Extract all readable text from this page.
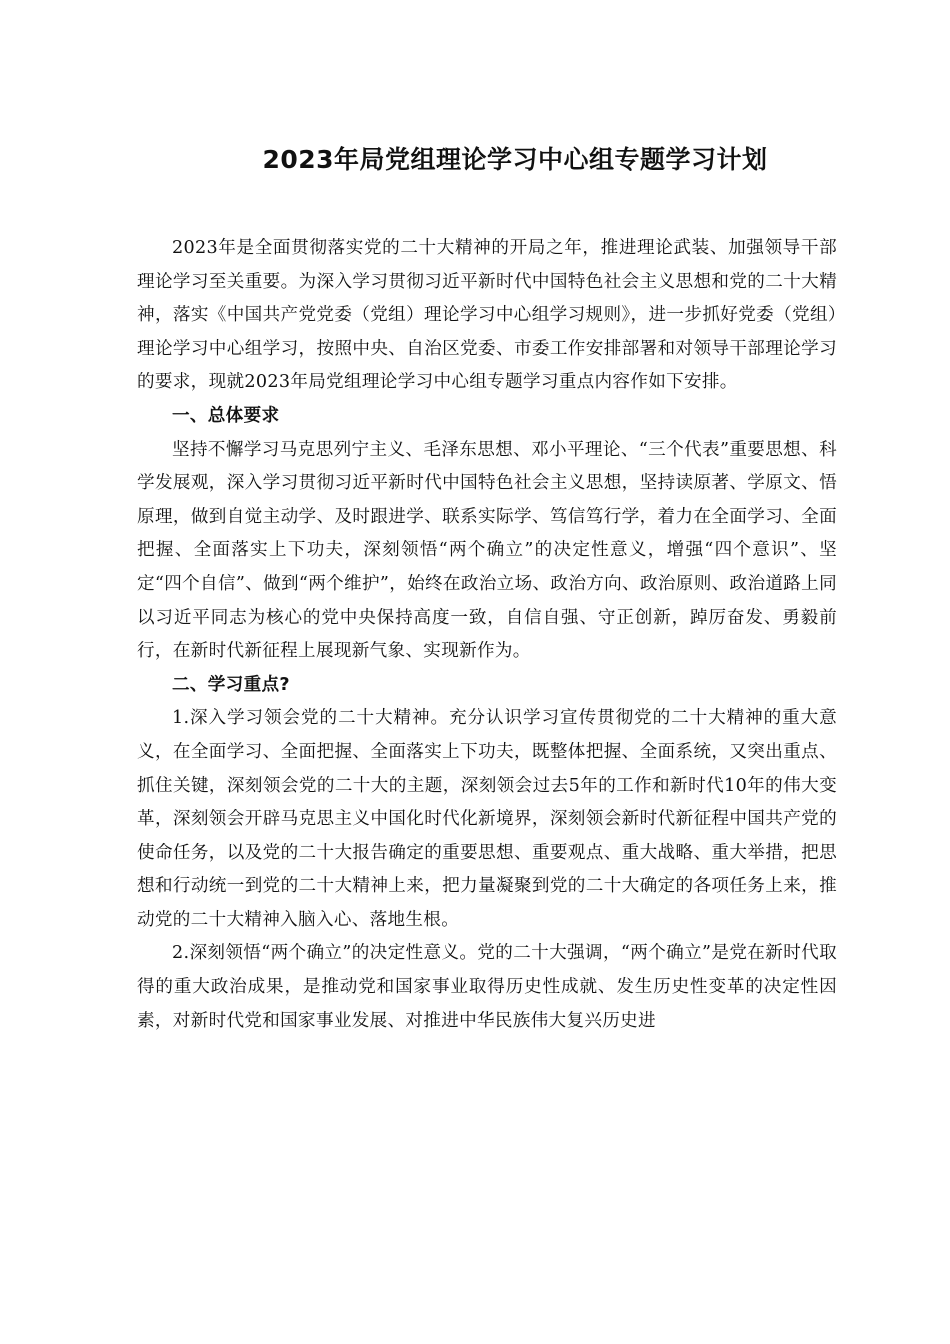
2023年局党组理论学习中心组专题学习计划

2023年是全面贯彻落实党的二十大精神的开局之年，推进理论武装、加强领导干部理论学习至关重要。为深入学习贯彻习近平新时代中国特色社会主义思想和党的二十大精神，落实《中国共产党党委（党组）理论学习中心组学习规则》，进一步抓好党委（党组）理论学习中心组学习，按照中央、自治区党委、市委工作安排部署和对领导干部理论学习的要求，现就2023年局党组理论学习中心组专题学习重点内容作如下安排。

一、总体要求

坚持不懈学习马克思列宁主义、毛泽东思想、邓小平理论、“三个代表”重要思想、科学发展观，深入学习贯彻习近平新时代中国特色社会主义思想，坚持读原著、学原文、悟原理，做到自觉主动学、及时跟进学、联系实际学、笃信笃行学，着力在全面学习、全面把握、全面落实上下功夫，深刻领悟“两个确立”的决定性意义，增强“四个意识”、坚定“四个自信”、做到“两个维护”，始终在政治立场、政治方向、政治原则、政治道路上同以习近平同志为核心的党中央保持高度一致，自信自强、守正创新，踔厉奋发、勇毅前行，在新时代新征程上展现新气象、实现新作为。

二、学习重点?

1.深入学习领会党的二十大精神。充分认识学习宣传贯彻党的二十大精神的重大意义，在全面学习、全面把握、全面落实上下功夫，既整体把握、全面系统，又突出重点、抓住关键，深刻领会党的二十大的主题，深刻领会过去5年的工作和新时代10年的伟大变革，深刻领会开辟马克思主义中国化时代化新境界，深刻领会新时代新征程中国共产党的使命任务，以及党的二十大报告确定的重要思想、重要观点、重大战略、重大举措，把思想和行动统一到党的二十大精神上来，把力量凝聚到党的二十大确定的各项任务上来，推动党的二十大精神入脑入心、落地生根。

2.深刻领悟“两个确立”的决定性意义。党的二十大强调，“两个确立”是党在新时代取得的重大政治成果，是推动党和国家事业取得历史性成就、发生历史性变革的决定性因素，对新时代党和国家事业发展、对推进中华民族伟大复兴历史进
